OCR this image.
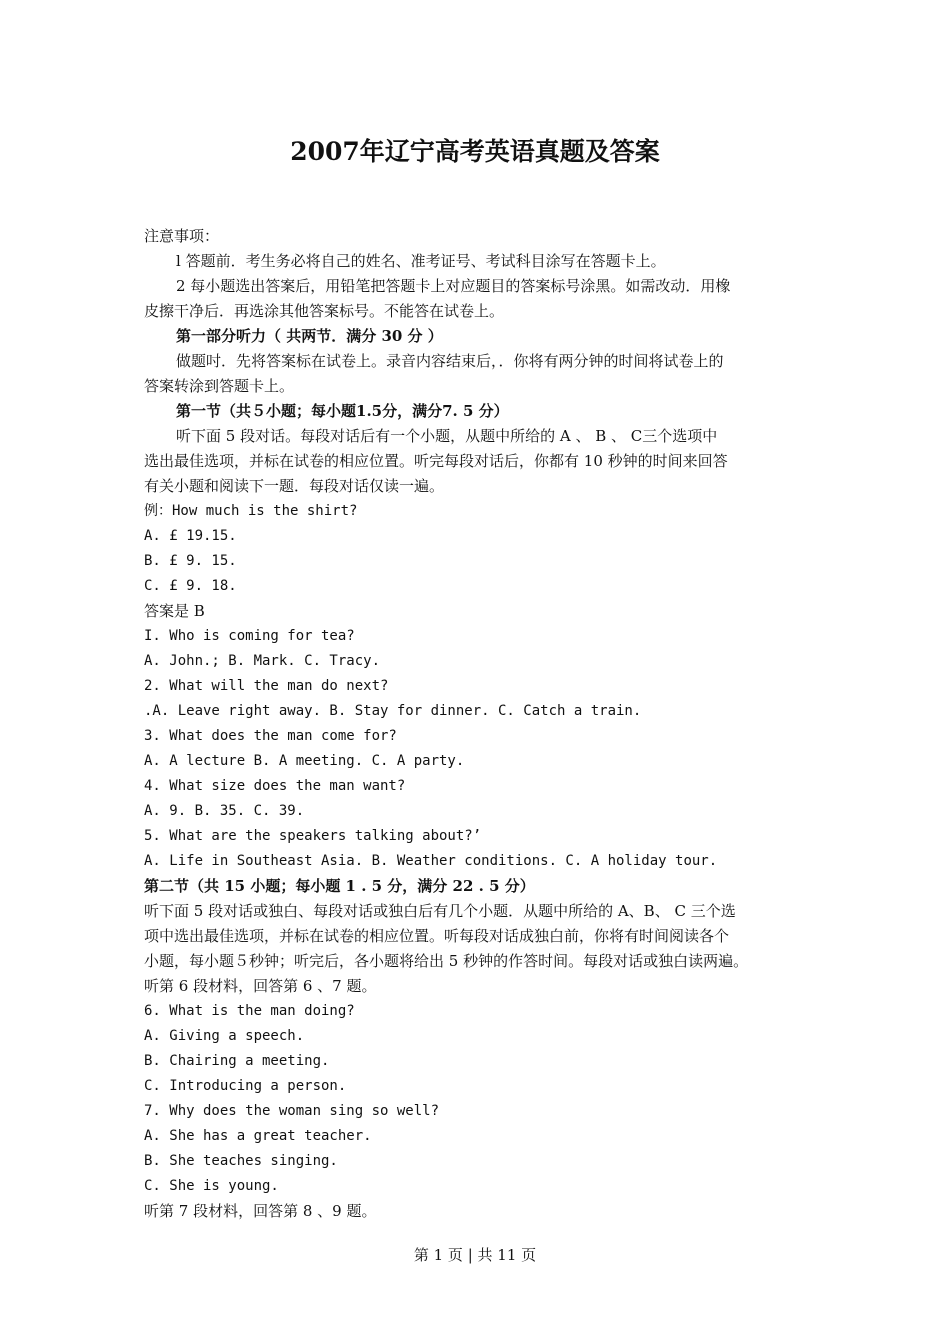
2007年辽宁高考英语真题及答案
注意事项：
l 答题前．考生务必将自己的姓名、准考证号、考试科目涂写在答题卡上。
2 每小题选出答案后，用铅笔把答题卡上对应题目的答案标号涂黑。如需改动．用橡
皮擦干净后．再选涂其他答案标号。不能答在试卷上。
第一部分听力（ 共两节．满分 30 分 ）
做题吋．先将答案标在试卷上。录音内容结束后，．你将有两分钟的时间将试卷上的
答案转涂到答题卡上。
第一节（共５小题；每小题1.5分，满分7. 5 分）
听下面 5 段对话。每段对话后有一个小题，从题中所给的 A 、 B 、 C三个选项中
选出最佳选项，并标在试卷的相应位置。听完每段对话后，你都有 10 秒钟的时间来回答
有关小题和阅读下一题．每段对话仅读一遍。
例：How much is the shirt?
A. £ 19.15.
B. £ 9. 15.
C. £ 9. 18.
答案是 B
I. Who is coming for tea?
A. John.; B. Mark. C. Tracy.
2. What will the man do next?
.A. Leave right away. B. Stay for dinner. C. Catch a train.
3. What does the man come for?
A. A lecture B. A meeting. C. A party.
4. What size does the man want?
A. 9. B. 35. C. 39.
5. What are the speakers talking about?’
A. Life in Southeast Asia. B. Weather conditions. C. A holiday tour.
第二节（共 15 小题；每小题 1 . 5 分，满分 22 . 5 分）
听下面 5 段对话或独白、每段对话或独白后有几个小题．从题中所给的 A、B、 C 三个选
项中选出最佳选项，并标在试卷的相应位置。听每段对话成独白前，你将有时间阅读各个
小题，每小题５秒钟；听完后，各小题将给出 5 秒钟的作答时间。每段对话或独白读两遍。
听第 6 段材料，回答第 6 、7 题。
6. What is the man doing?
A. Giving a speech.
B. Chairing a meeting.
C. Introducing a person.
7. Why does the woman sing so well?
A. She has a great teacher.
B. She teaches singing.
C. She is young.
听第 7 段材料，回答第 8 、9 题。
第 1 页 | 共 11 页
